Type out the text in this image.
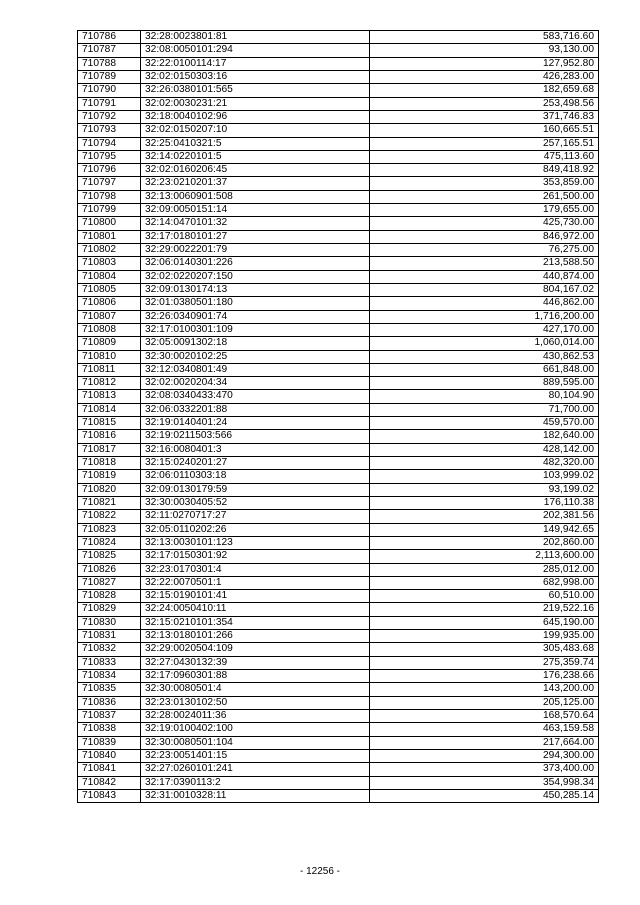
710786	32:28:0023801:81	583,716.60
710787	32:08:0050101:294	93,130.00
710788	32:22:0100114:17	127,952.80
710789	32:02:0150303:16	426,283.00
710790	32:26:0380101:565	182,659.68
710791	32:02:0030231:21	253,498.56
710792	32:18:0040102:96	371,746.83
710793	32:02:0150207:10	160,665.51
710794	32:25:0410321:5	257,165.51
710795	32:14:0220101:5	475,113.60
710796	32:02:0160206:45	849,418.92
710797	32:23:0210201:37	353,859.00
710798	32:13:0060901:508	261,500.00
710799	32:09:0050151:14	179,655.00
710800	32:14:0470101:32	425,730.00
710801	32:17:0180101:27	846,972.00
710802	32:29:0022201:79	76,275.00
710803	32:06:0140301:226	213,588.50
710804	32:02:0220207:150	440,874.00
710805	32:09:0130174:13	804,167.02
710806	32:01:0380501:180	446,862.00
710807	32:26:0340901:74	1,716,200.00
710808	32:17:0100301:109	427,170.00
710809	32:05:0091302:18	1,060,014.00
710810	32:30:0020102:25	430,862.53
710811	32:12:0340801:49	661,848.00
710812	32:02:0020204:34	889,595.00
710813	32:08:0340433:470	80,104.90
710814	32:06:0332201:88	71,700.00
710815	32:19:0140401:24	459,570.00
710816	32:19:0211503:566	182,640.00
710817	32:16:0080401:3	428,142.00
710818	32:15:0240201:27	482,320.00
710819	32:06:0110303:18	103,999.02
710820	32:09:0130179:59	93,199.02
710821	32:30:0030405:52	176,110.38
710822	32:11:0270717:27	202,381.56
710823	32:05:0110202:26	149,942.65
710824	32:13:0030101:123	202,860.00
710825	32:17:0150301:92	2,113,600.00
710826	32:23:0170301:4	285,012.00
710827	32:22:0070501:1	682,998.00
710828	32:15:0190101:41	60,510.00
710829	32:24:0050410:11	219,522.16
710830	32:15:0210101:354	645,190.00
710831	32:13:0180101:266	199,935.00
710832	32:29:0020504:109	305,483.68
710833	32:27:0430132:39	275,359.74
710834	32:17:0960301:88	176,238.66
710835	32:30:0080501:4	143,200.00
710836	32:23:0130102:50	205,125.00
710837	32:28:0024011:36	168,570.64
710838	32:19:0100402:100	463,159.58
710839	32:30:0080501:104	217,664.00
710840	32:23:0051401:15	294,300.00
710841	32:27:0260101:241	373,400.00
710842	32:17:0390113:2	354,998.34
710843	32:31:0010328:11	450,285.14
- 12256 -
